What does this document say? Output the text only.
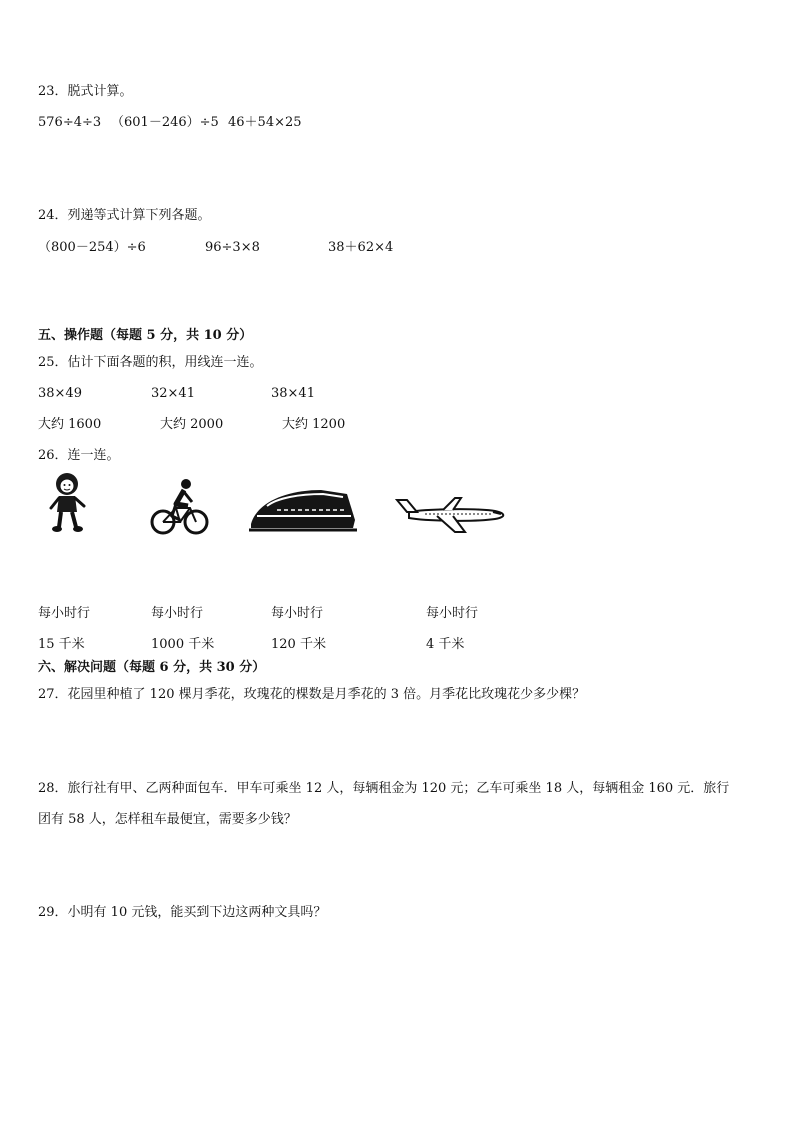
23．脱式计算。
576÷4÷3 （601－246）÷5 46＋54×25
24．列递等式计算下列各题。
（800－254）÷6	96÷3×8	38＋62×4
五、操作题（每题 5 分，共 10 分）
25．估计下面各题的积，用线连一连。
38×49	32×41	38×41
大约 1600	大约 2000	大约 1200
26．连一连。
每小时行	每小时行	每小时行	每小时行
15 千米	1000 千米	120 千米	4 千米
六、解决问题（每题 6 分，共 30 分）
27．花园里种植了 120 棵月季花，玫瑰花的棵数是月季花的 3 倍。月季花比玫瑰花少多少棵？
28．旅行社有甲、乙两种面包车．甲车可乘坐 12 人，每辆租金为 120 元；乙车可乘坐 18 人，每辆租金 160 元．旅行
团有 58 人，怎样租车最便宜，需要多少钱？
29．小明有 10 元钱，能买到下边这两种文具吗？
